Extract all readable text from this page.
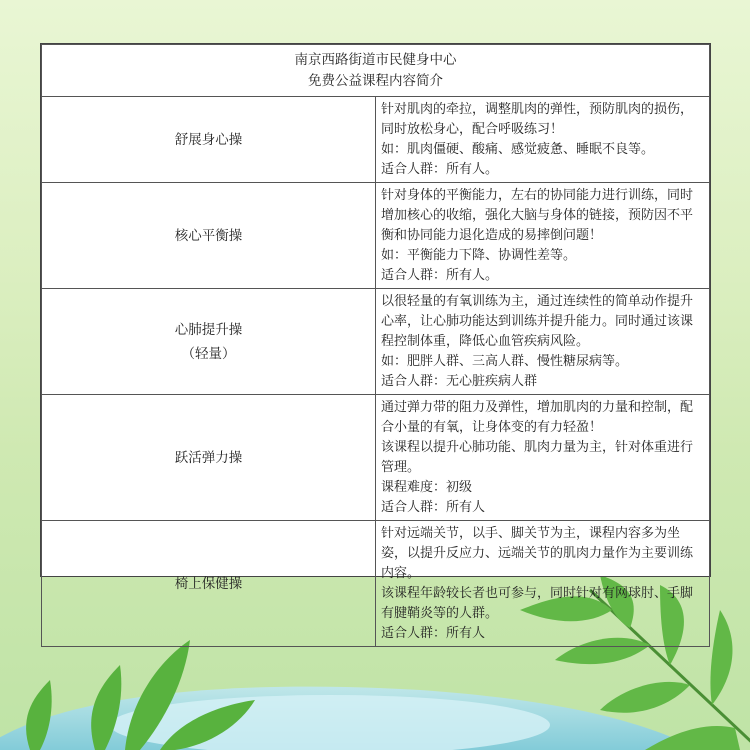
南京西路街道市民健身中心
免费公益课程内容简介	

舒展身心操	针对肌肉的牵拉，调整肌肉的弹性，预防肌肉的损伤，同时放松身心，配合呼吸练习！
如：肌肉僵硬、酸痛、感觉疲惫、睡眠不良等。
适合人群：所有人。

核心平衡操	针对身体的平衡能力，左右的协同能力进行训练，同时增加核心的收缩，强化大脑与身体的链接，预防因不平衡和协同能力退化造成的易摔倒问题！
如：平衡能力下降、协调性差等。
适合人群：所有人。

心肺提升操
（轻量）	以很轻量的有氧训练为主，通过连续性的简单动作提升心率，让心肺功能达到训练并提升能力。同时通过该课程控制体重，降低心血管疾病风险。
如：肥胖人群、三高人群、慢性糖尿病等。
适合人群：无心脏疾病人群

跃活弹力操	通过弹力带的阻力及弹性，增加肌肉的力量和控制，配合小量的有氧，让身体变的有力轻盈！
该课程以提升心肺功能、肌肉力量为主，针对体重进行管理。
课程难度：初级
适合人群：所有人

椅上保健操	针对远端关节，以手、脚关节为主，课程内容多为坐姿，以提升反应力、远端关节的肌肉力量作为主要训练内容。
该课程年龄较长者也可参与，同时针对有网球肘、手脚有腱鞘炎等的人群。
适合人群：所有人
